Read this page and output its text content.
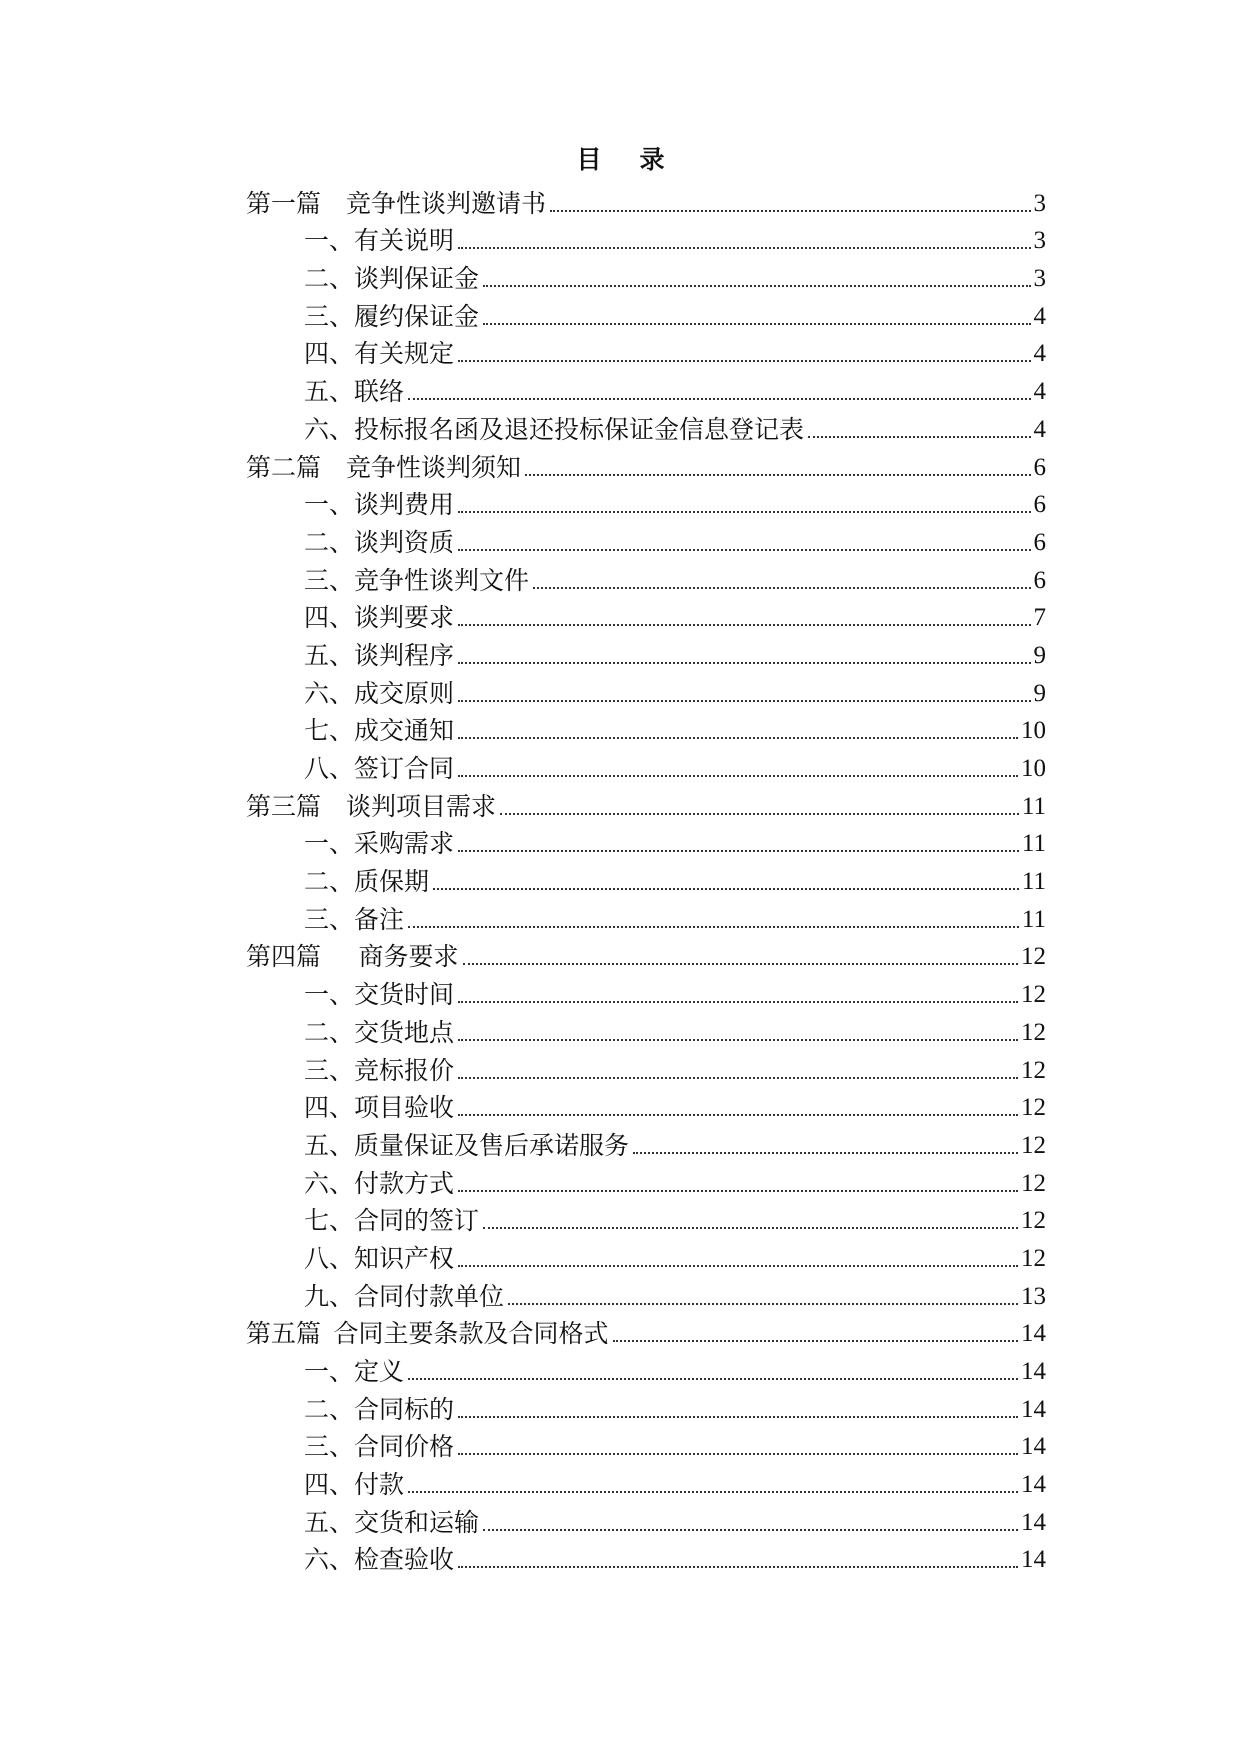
目 录
第一篇　竞争性谈判邀请书	3
一、有关说明	3
二、谈判保证金	3
三、履约保证金	4
四、有关规定	4
五、联络	4
六、投标报名函及退还投标保证金信息登记表	4
第二篇　竞争性谈判须知	6
一、谈判费用	6
二、谈判资质	6
三、竞争性谈判文件	6
四、谈判要求	7
五、谈判程序	9
六、成交原则	9
七、成交通知	10
八、签订合同	10
第三篇　谈判项目需求	11
一、采购需求	11
二、质保期	11
三、备注	11
第四篇　 商务要求	12
一、交货时间	12
二、交货地点	12
三、竞标报价	12
四、项目验收	12
五、质量保证及售后承诺服务	12
六、付款方式	12
七、合同的签订	12
八、知识产权	12
九、合同付款单位	13
第五篇 合同主要条款及合同格式	14
一、定义	14
二、合同标的	14
三、合同价格	14
四、付款	14
五、交货和运输	14
六、检查验收	14
